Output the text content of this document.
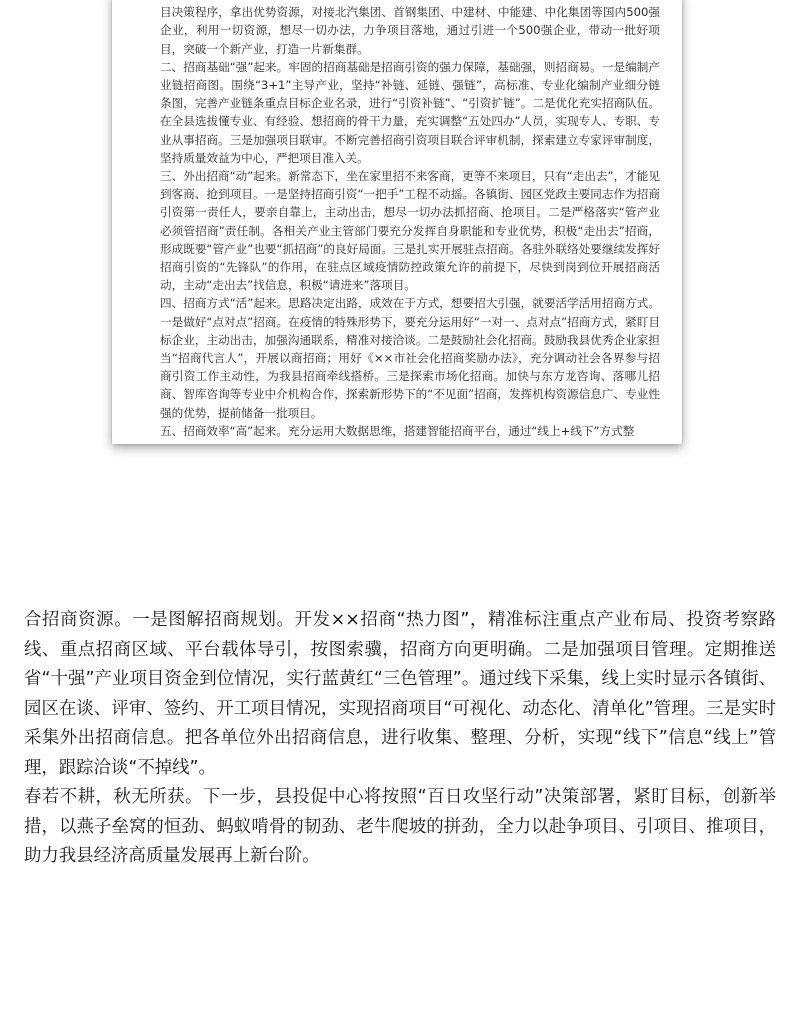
目决策程序，拿出优势资源，对接北汽集团、首钢集团、中建材、中能建、中化集团等国内500强企业，利用一切资源，想尽一切办法，力争项目落地，通过引进一个500强企业，带动一批好项目，突破一个新产业，打造一片新集群。

二、招商基础“强”起来。牢固的招商基础是招商引资的强力保障，基础强，则招商易。一是编制产业链招商图。围绕“3+1”主导产业，坚持“补链、延链、强链”，高标准、专业化编制产业细分链条图，完善产业链条重点目标企业名录，进行“引资补链”、“引资扩链”。二是优化充实招商队伍。在全县选拔懂专业、有经验、想招商的骨干力量，充实调整“五处四办”人员，实现专人、专职、专业从事招商。三是加强项目联审。不断完善招商引资项目联合评审机制，探索建立专家评审制度，坚持质量效益为中心，严把项目准入关。

三、外出招商“动”起来。新常态下，坐在家里招不来客商，更等不来项目，只有“走出去”，才能见到客商、抢到项目。一是坚持招商引资“一把手”工程不动摇。各镇街、园区党政主要同志作为招商引资第一责任人，要亲自靠上，主动出击，想尽一切办法抓招商、抢项目。二是严格落实“管产业必须管招商”责任制。各相关产业主管部门要充分发挥自身职能和专业优势，积极“走出去”招商，形成既要“管产业”也要“抓招商”的良好局面。三是扎实开展驻点招商。各驻外联络处要继续发挥好招商引资的“先锋队”的作用，在驻点区域疫情防控政策允许的前提下，尽快到岗到位开展招商活动，主动“走出去”找信息，积极“请进来”落项目。

四、招商方式“活”起来。思路决定出路，成效在于方式，想要招大引强，就要活学活用招商方式。一是做好“点对点”招商。在疫情的特殊形势下，要充分运用好“一对一、点对点”招商方式，紧盯目标企业，主动出击，加强沟通联系，精准对接洽谈。二是鼓励社会化招商。鼓励我县优秀企业家担当“招商代言人”，开展以商招商；用好《××市社会化招商奖励办法》，充分调动社会各界参与招商引资工作主动性，为我县招商牵线搭桥。三是探索市场化招商。加快与东方龙咨询、落哪儿招商、智库咨询等专业中介机构合作，探索新形势下的“不见面”招商，发挥机构资源信息广、专业性强的优势，提前储备一批项目。

五、招商效率“高”起来。充分运用大数据思维，搭建智能招商平台，通过“线上+线下”方式整

合招商资源。一是图解招商规划。开发××招商“热力图”，精准标注重点产业布局、投资考察路线、重点招商区域、平台载体导引，按图索骥，招商方向更明确。二是加强项目管理。定期推送省“十强”产业项目资金到位情况，实行蓝黄红“三色管理”。通过线下采集，线上实时显示各镇街、园区在谈、评审、签约、开工项目情况，实现招商项目“可视化、动态化、清单化”管理。三是实时采集外出招商信息。把各单位外出招商信息，进行收集、整理、分析，实现“线下”信息“线上”管理，跟踪洽谈“不掉线”。

春若不耕，秋无所获。下一步，县投促中心将按照“百日攻坚行动”决策部署，紧盯目标，创新举措，以燕子垒窝的恒劲、蚂蚁啃骨的韧劲、老牛爬坡的拼劲，全力以赴争项目、引项目、推项目，助力我县经济高质量发展再上新台阶。
